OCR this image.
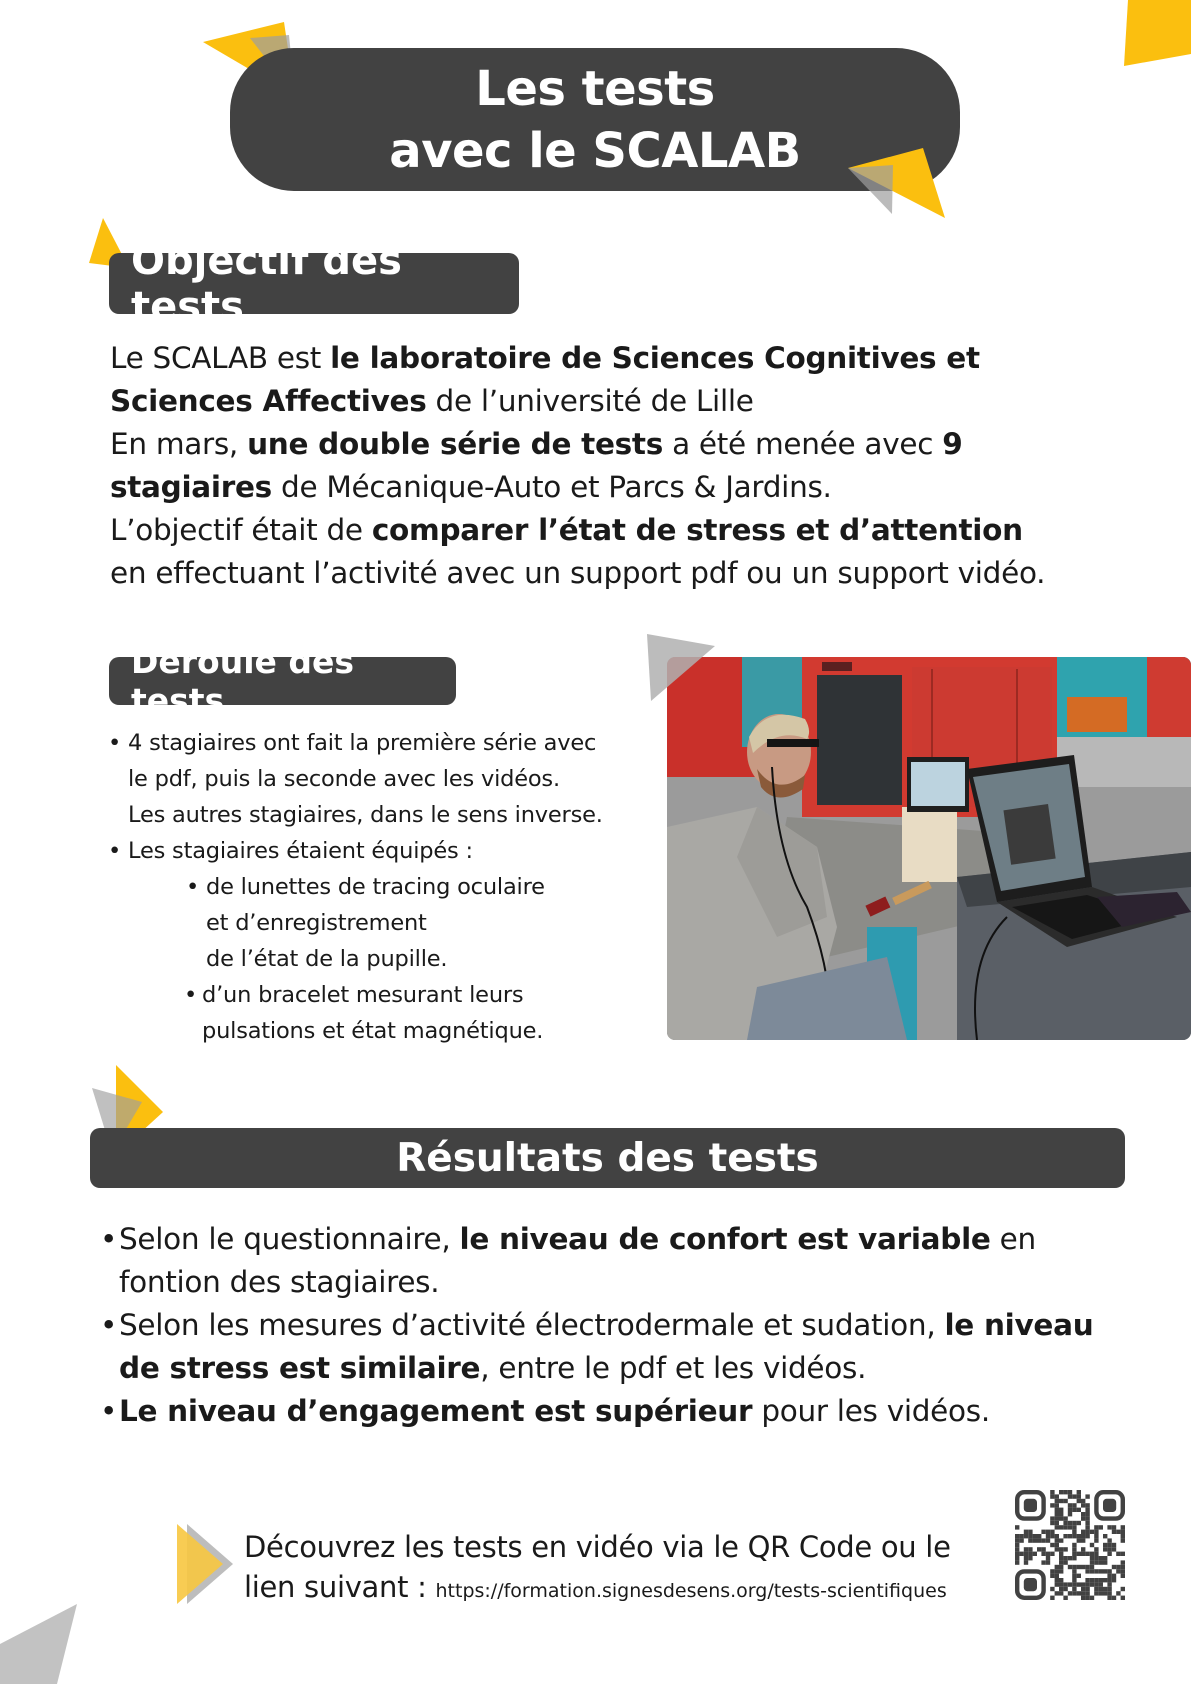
Les tests
avec le SCALAB
Objectif des tests
Le SCALAB est le laboratoire de Sciences Cognitives et Sciences Affectives de l’université de Lille
En mars, une double série de tests a été menée avec 9 stagiaires de Mécanique-Auto et Parcs & Jardins.
L’objectif était de comparer l’état de stress et d’attention
en effectuant l’activité avec un support pdf ou un support vidéo.
Déroulé des tests
• 4 stagiaires ont fait la première série avec
le pdf, puis la seconde avec les vidéos.
Les autres stagiaires, dans le sens inverse.
• Les stagiaires étaient équipés :
• de lunettes de tracing oculaire
et d’enregistrement
de l’état de la pupille.
• d’un bracelet mesurant leurs
pulsations et état magnétique.
Résultats des tests
• Selon le questionnaire, le niveau de confort est variable en fontion des stagiaires.
• Selon les mesures d’activité électrodermale et sudation, le niveau de stress est similaire, entre le pdf et les vidéos.
• Le niveau d’engagement est supérieur pour les vidéos.
Découvrez les tests en vidéo via le QR Code ou le
lien suivant : https://formation.signesdesens.org/tests-scientifiques
